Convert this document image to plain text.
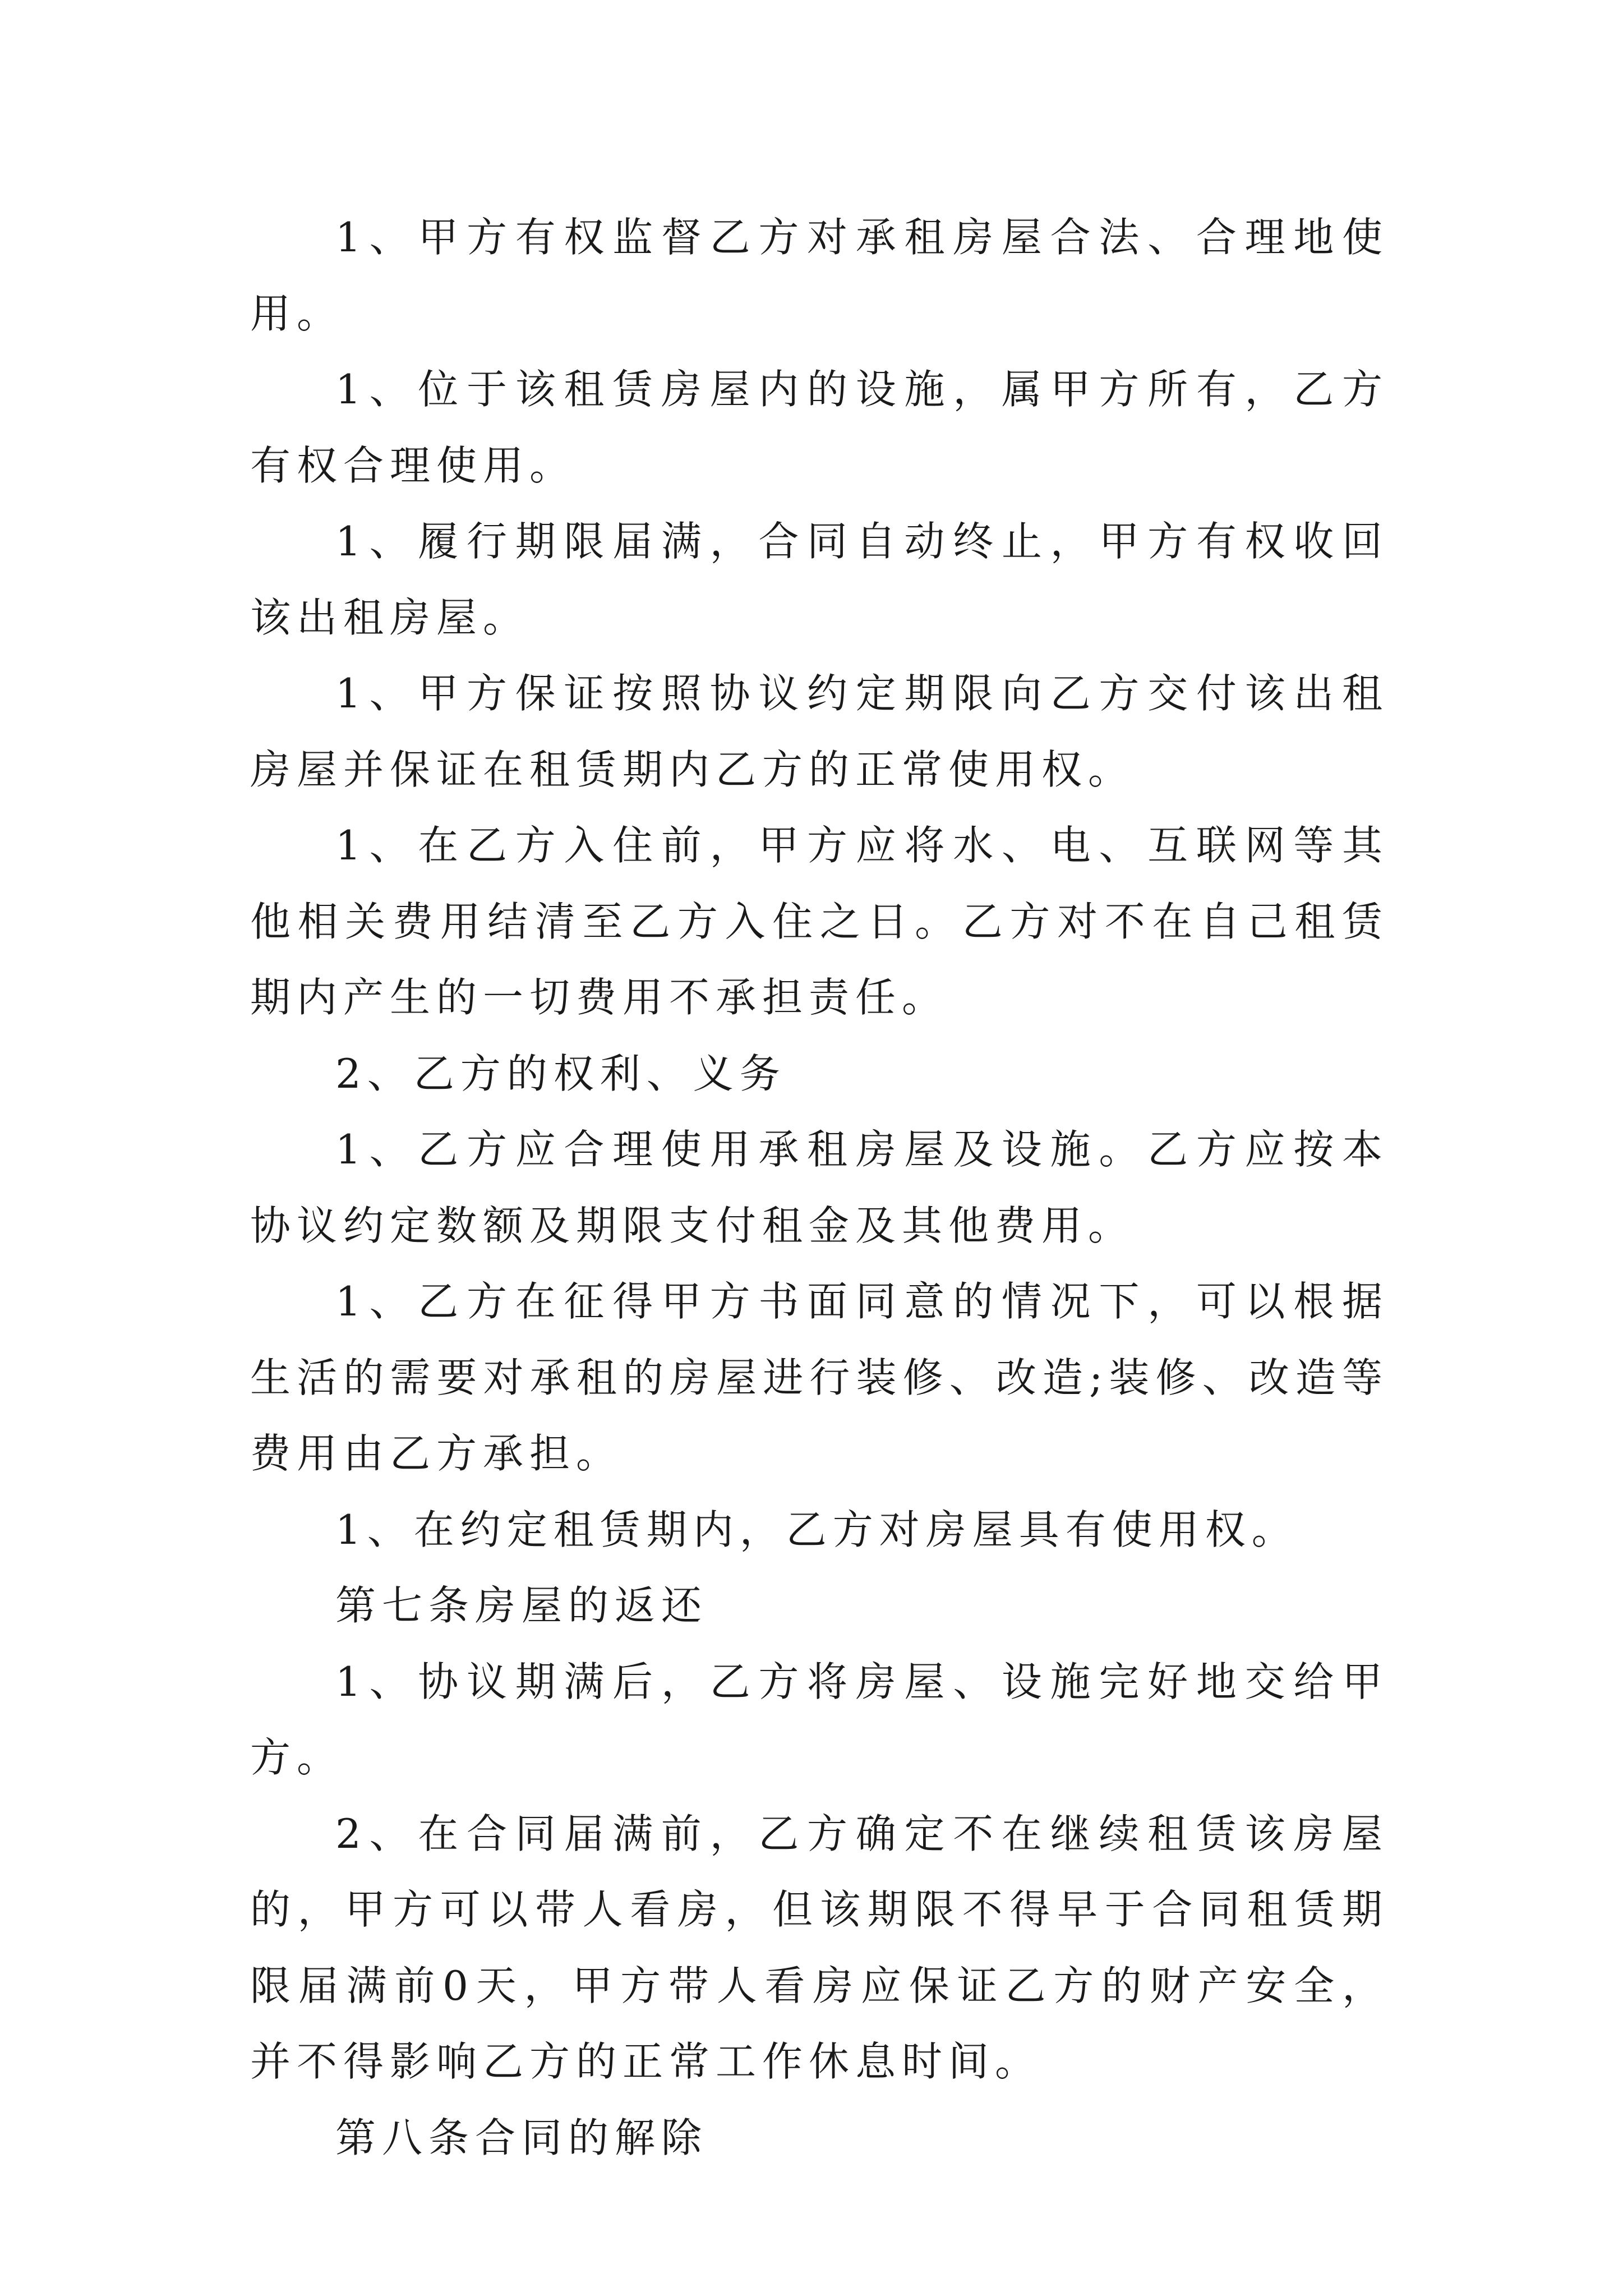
1、甲方有权监督乙方对承租房屋合法、合理地使用。

1、位于该租赁房屋内的设施，属甲方所有，乙方有权合理使用。

1、履行期限届满，合同自动终止，甲方有权收回该出租房屋。

1、甲方保证按照协议约定期限向乙方交付该出租房屋并保证在租赁期内乙方的正常使用权。

1、在乙方入住前，甲方应将水、电、互联网等其他相关费用结清至乙方入住之日。乙方对不在自己租赁期内产生的一切费用不承担责任。

2、乙方的权利、义务

1、乙方应合理使用承租房屋及设施。乙方应按本协议约定数额及期限支付租金及其他费用。

1、乙方在征得甲方书面同意的情况下，可以根据生活的需要对承租的房屋进行装修、改造;装修、改造等费用由乙方承担。

1、在约定租赁期内，乙方对房屋具有使用权。

第七条房屋的返还

1、协议期满后，乙方将房屋、设施完好地交给甲方。

2、在合同届满前，乙方确定不在继续租赁该房屋的，甲方可以带人看房，但该期限不得早于合同租赁期限届满前0天，甲方带人看房应保证乙方的财产安全，并不得影响乙方的正常工作休息时间。

第八条合同的解除
